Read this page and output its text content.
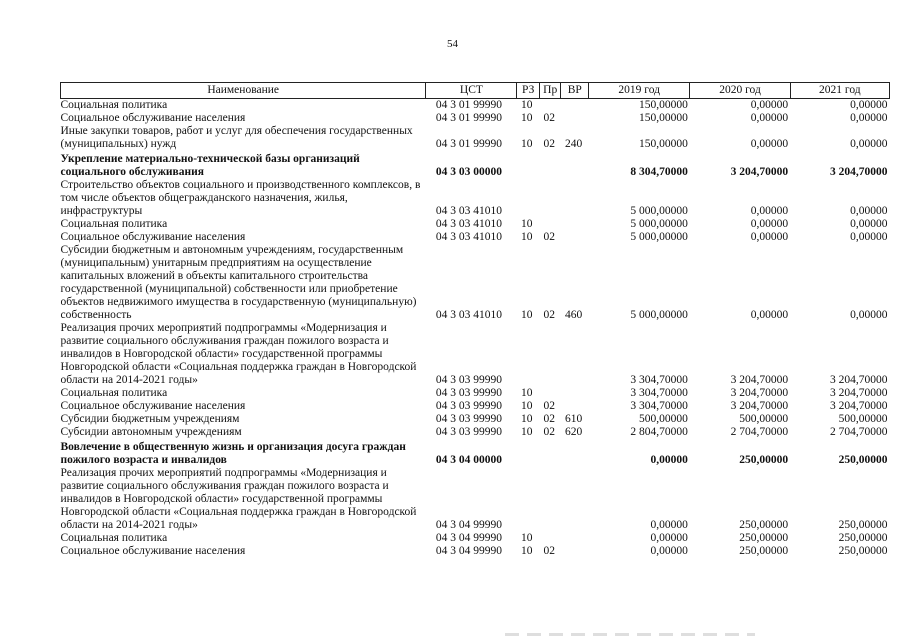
54
Наименование	ЦСТ	РЗ	Пр	ВР	2019 год	2020 год	2021 год
Социальная политика	04 3 01 99990	10			150,00000	0,00000	0,00000
Социальное обслуживание населения	04 3 01 99990	10	02		150,00000	0,00000	0,00000
Иные закупки товаров, работ и услуг для обеспечения государственных (муниципальных) нужд	04 3 01 99990	10	02	240	150,00000	0,00000	0,00000
Укрепление материально-технической базы организаций социального обслуживания	04 3 03 00000				8 304,70000	3 204,70000	3 204,70000
Строительство объектов социального и производственного комплексов, в том числе объектов общегражданского назначения, жилья, инфраструктуры	04 3 03 41010				5 000,00000	0,00000	0,00000
Социальная политика	04 3 03 41010	10			5 000,00000	0,00000	0,00000
Социальное обслуживание населения	04 3 03 41010	10	02		5 000,00000	0,00000	0,00000
Субсидии бюджетным и автономным учреждениям, государственным (муниципальным) унитарным предприятиям на осуществление капитальных вложений в объекты капитального строительства государственной (муниципальной) собственности или приобретение объектов недвижимого имущества в государственную (муниципальную) собственность	04 3 03 41010	10	02	460	5 000,00000	0,00000	0,00000
Реализация прочих мероприятий подпрограммы «Модернизация и развитие социального обслуживания граждан пожилого возраста и инвалидов в Новгородской области» государственной программы Новгородской области «Социальная поддержка граждан в Новгородской области на 2014-2021 годы»	04 3 03 99990				3 304,70000	3 204,70000	3 204,70000
Социальная политика	04 3 03 99990	10			3 304,70000	3 204,70000	3 204,70000
Социальное обслуживание населения	04 3 03 99990	10	02		3 304,70000	3 204,70000	3 204,70000
Субсидии бюджетным учреждениям	04 3 03 99990	10	02	610	500,00000	500,00000	500,00000
Субсидии автономным учреждениям	04 3 03 99990	10	02	620	2 804,70000	2 704,70000	2 704,70000
Вовлечение в общественную жизнь и организация досуга граждан пожилого возраста и инвалидов	04 3 04 00000				0,00000	250,00000	250,00000
Реализация прочих мероприятий подпрограммы «Модернизация и развитие социального обслуживания граждан пожилого возраста и инвалидов в Новгородской области» государственной программы Новгородской области «Социальная поддержка граждан в Новгородской области на 2014-2021 годы»	04 3 04 99990				0,00000	250,00000	250,00000
Социальная политика	04 3 04 99990	10			0,00000	250,00000	250,00000
Социальное обслуживание населения	04 3 04 99990	10	02		0,00000	250,00000	250,00000
